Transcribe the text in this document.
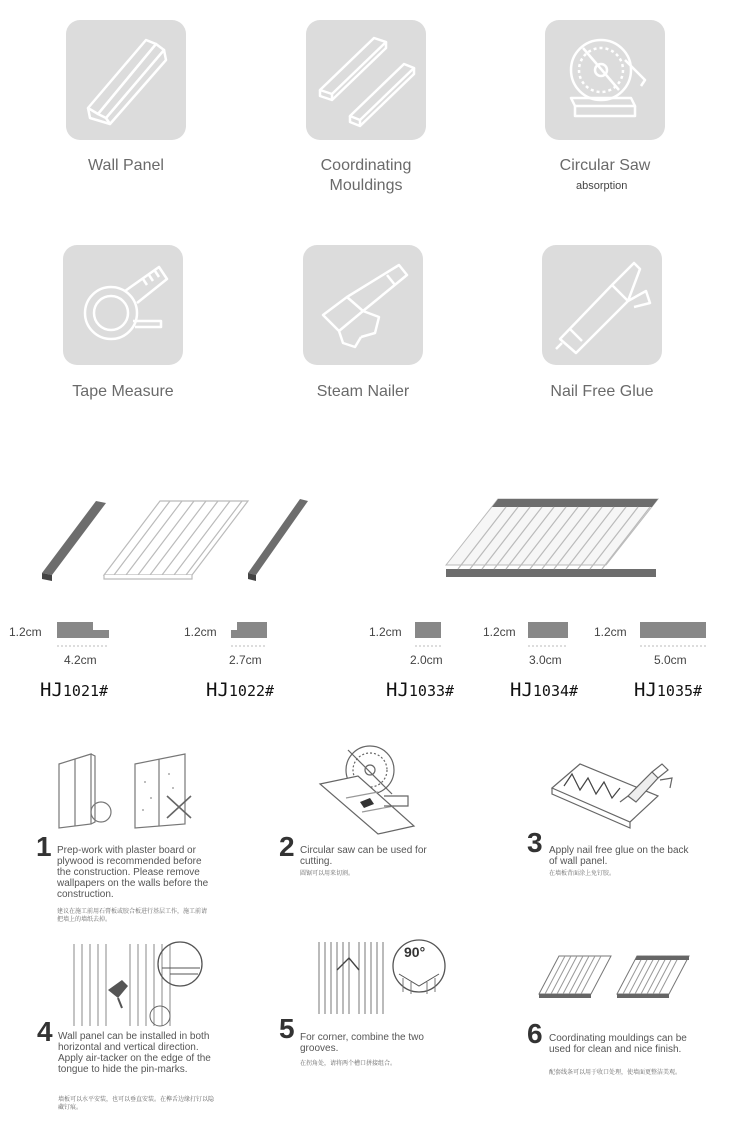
Wall Panel	Coordinating
Mouldings
Circular Saw
absorption
Tape Measure	Steam Nailer	Nail Free Glue
1.2cm
4.2cm
HJ1021#
1.2cm
2.7cm
HJ1022#
1.2cm
2.0cm
HJ1033#
1.2cm
3.0cm
HJ1034#
1.2cm
5.0cm
HJ1035#
1 Prep-work with plaster board or plywood is recommended before the construction. Please remove wallpapers on the walls before the construction.
建议在施工前用石膏板或胶合板进行基层工作，施工前请把墙上的墙纸去掉。
2 Circular saw can be used for cutting.
圆锯可以用来切割。
3 Apply nail free glue on the back of wall panel.
在墙板背面涂上免钉胶。
4 Wall panel can be installed in both horizontal and vertical direction. Apply air-tacker on the edge of the tongue to hide the pin-marks.
墙板可以水平安装，也可以垂直安装。在榫舌边缘打钉以隐藏钉痕。
90°
5 For corner, combine the two grooves.
在拐角处，请将两个槽口拼接组合。
6 Coordinating mouldings can be used for clean and nice finish.
配套线条可以用于收口处理，使墙面更整洁美观。
